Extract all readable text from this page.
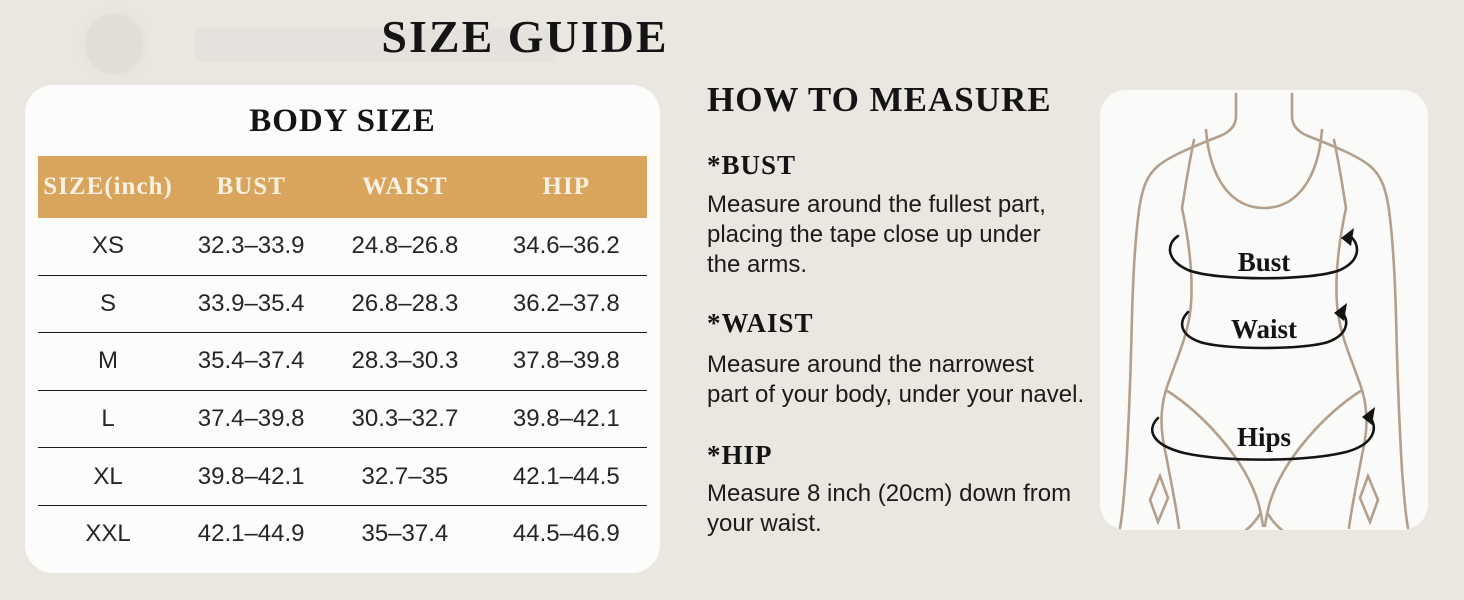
SIZE GUIDE
BODY SIZE
SIZE(inch)	BUST	WAIST	HIP
XS	32.3–33.9	24.8–26.8	34.6–36.2
S	33.9–35.4	26.8–28.3	36.2–37.8
M	35.4–37.4	28.3–30.3	37.8–39.8
L	37.4–39.8	30.3–32.7	39.8–42.1
XL	39.8–42.1	32.7–35	42.1–44.5
XXL	42.1–44.9	35–37.4	44.5–46.9
HOW TO MEASURE
*BUST
Measure around the fullest part,
placing the tape close up under
the arms.
*WAIST
Measure around the narrowest
part of your body, under your navel.
*HIP
Measure 8 inch (20cm) down from
your waist.
Bust
Waist
Hips
